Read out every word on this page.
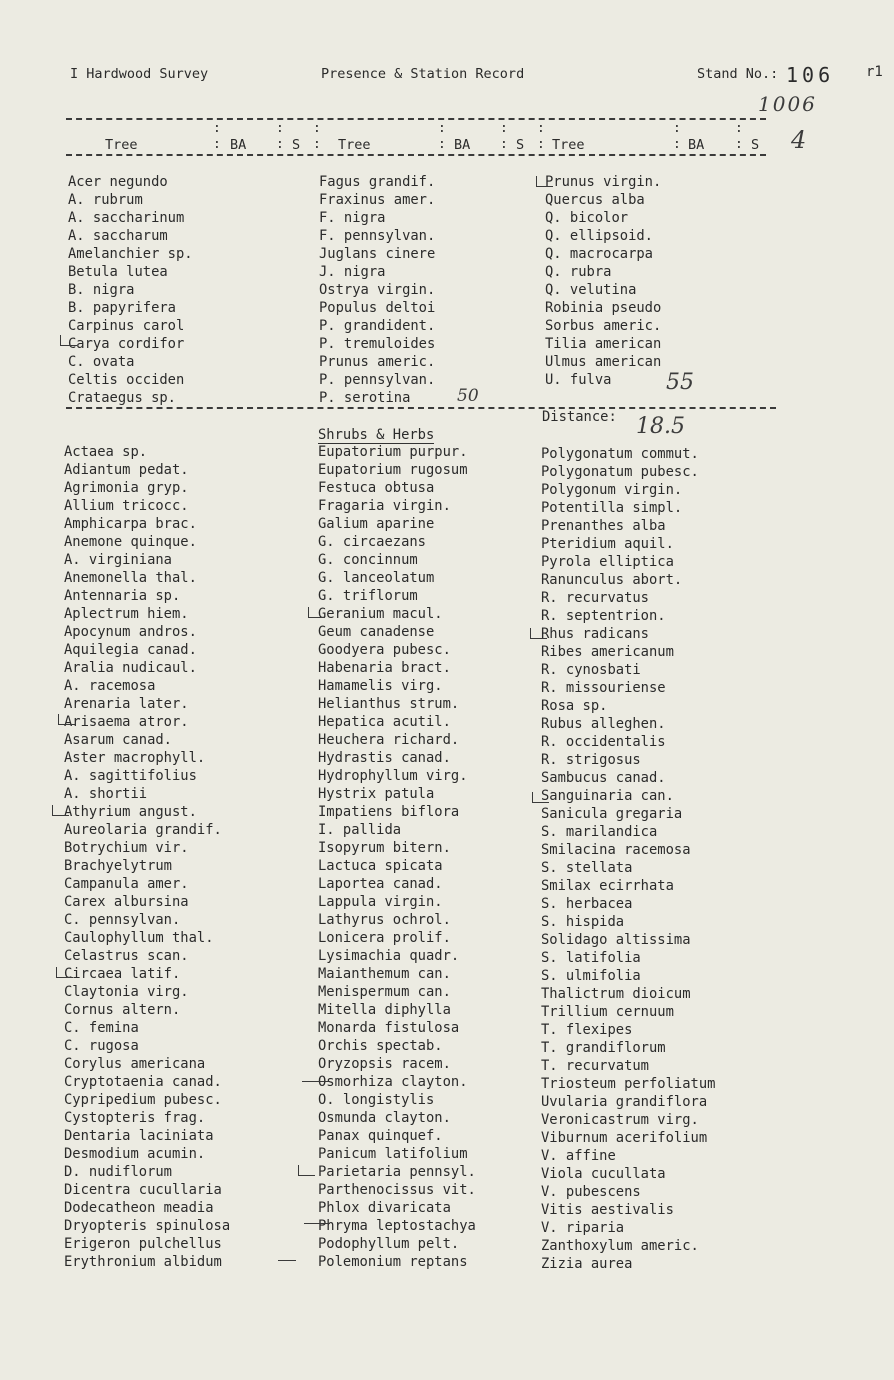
I Hardwood Survey	Presence & Station Record	Stand No.: 106 r1
1006
Tree	BA	S	Tree	BA	S Tree	BA	S
:
:
:
:
:
:
:
:
:
:
:
:
:
:
:
: 4
Acer negundo
A. rubrum
A. saccharinum
A. saccharum
Amelanchier sp.
Betula lutea
B. nigra
B. papyrifera
Carpinus carol
Carya cordifor
C. ovata
Celtis occiden
Crataegus sp.
Fagus grandif.
Fraxinus amer.
F. nigra
F. pennsylvan.
Juglans cinere
J. nigra
Ostrya virgin.
Populus deltoi
P. grandident.
P. tremuloides
Prunus americ.
P. pennsylvan.
P. serotina
Prunus virgin.
Quercus alba
Q. bicolor
Q. ellipsoid.
Q. macrocarpa
Q. rubra
Q. velutina
Robinia pseudo
Sorbus americ.
Tilia american
Ulmus american
U. fulva
50
55
Distance: 18.5
Shrubs & Herbs
Actaea sp.
Adiantum pedat.
Agrimonia gryp.
Allium tricocc.
Amphicarpa brac.
Anemone quinque.
A. virginiana
Anemonella thal.
Antennaria sp.
Aplectrum hiem.
Apocynum andros.
Aquilegia canad.
Aralia nudicaul.
A. racemosa
Arenaria later.
Arisaema atror.
Asarum canad.
Aster macrophyll.
A. sagittifolius
A. shortii
Athyrium angust.
Aureolaria grandif.
Botrychium vir.
Brachyelytrum
Campanula amer.
Carex albursina
C. pennsylvan.
Caulophyllum thal.
Celastrus scan.
Circaea latif.
Claytonia virg.
Cornus altern.
C. femina
C. rugosa
Corylus americana
Cryptotaenia canad.
Cypripedium pubesc.
Cystopteris frag.
Dentaria laciniata
Desmodium acumin.
D. nudiflorum
Dicentra cucullaria
Dodecatheon meadia
Dryopteris spinulosa
Erigeron pulchellus
Erythronium albidum
Eupatorium purpur.
Eupatorium rugosum
Festuca obtusa
Fragaria virgin.
Galium aparine
G. circaezans
G. concinnum
G. lanceolatum
G. triflorum
Geranium macul.
Geum canadense
Goodyera pubesc.
Habenaria bract.
Hamamelis virg.
Helianthus strum.
Hepatica acutil.
Heuchera richard.
Hydrastis canad.
Hydrophyllum virg.
Hystrix patula
Impatiens biflora
I. pallida
Isopyrum bitern.
Lactuca spicata
Laportea canad.
Lappula virgin.
Lathyrus ochrol.
Lonicera prolif.
Lysimachia quadr.
Maianthemum can.
Menispermum can.
Mitella diphylla
Monarda fistulosa
Orchis spectab.
Oryzopsis racem.
Osmorhiza clayton.
O. longistylis
Osmunda clayton.
Panax quinquef.
Panicum latifolium
Parietaria pennsyl.
Parthenocissus vit.
Phlox divaricata
Phryma leptostachya
Podophyllum pelt.
Polemonium reptans
Polygonatum commut.
Polygonatum pubesc.
Polygonum virgin.
Potentilla simpl.
Prenanthes alba
Pteridium aquil.
Pyrola elliptica
Ranunculus abort.
R. recurvatus
R. septentrion.
Rhus radicans
Ribes americanum
R. cynosbati
R. missouriense
Rosa sp.
Rubus alleghen.
R. occidentalis
R. strigosus
Sambucus canad.
Sanguinaria can.
Sanicula gregaria
S. marilandica
Smilacina racemosa
S. stellata
Smilax ecirrhata
S. herbacea
S. hispida
Solidago altissima
S. latifolia
S. ulmifolia
Thalictrum dioicum
Trillium cernuum
T. flexipes
T. grandiflorum
T. recurvatum
Triosteum perfoliatum
Uvularia grandiflora
Veronicastrum virg.
Viburnum acerifolium
V. affine
Viola cucullata
V. pubescens
Vitis aestivalis
V. riparia
Zanthoxylum americ.
Zizia aurea
